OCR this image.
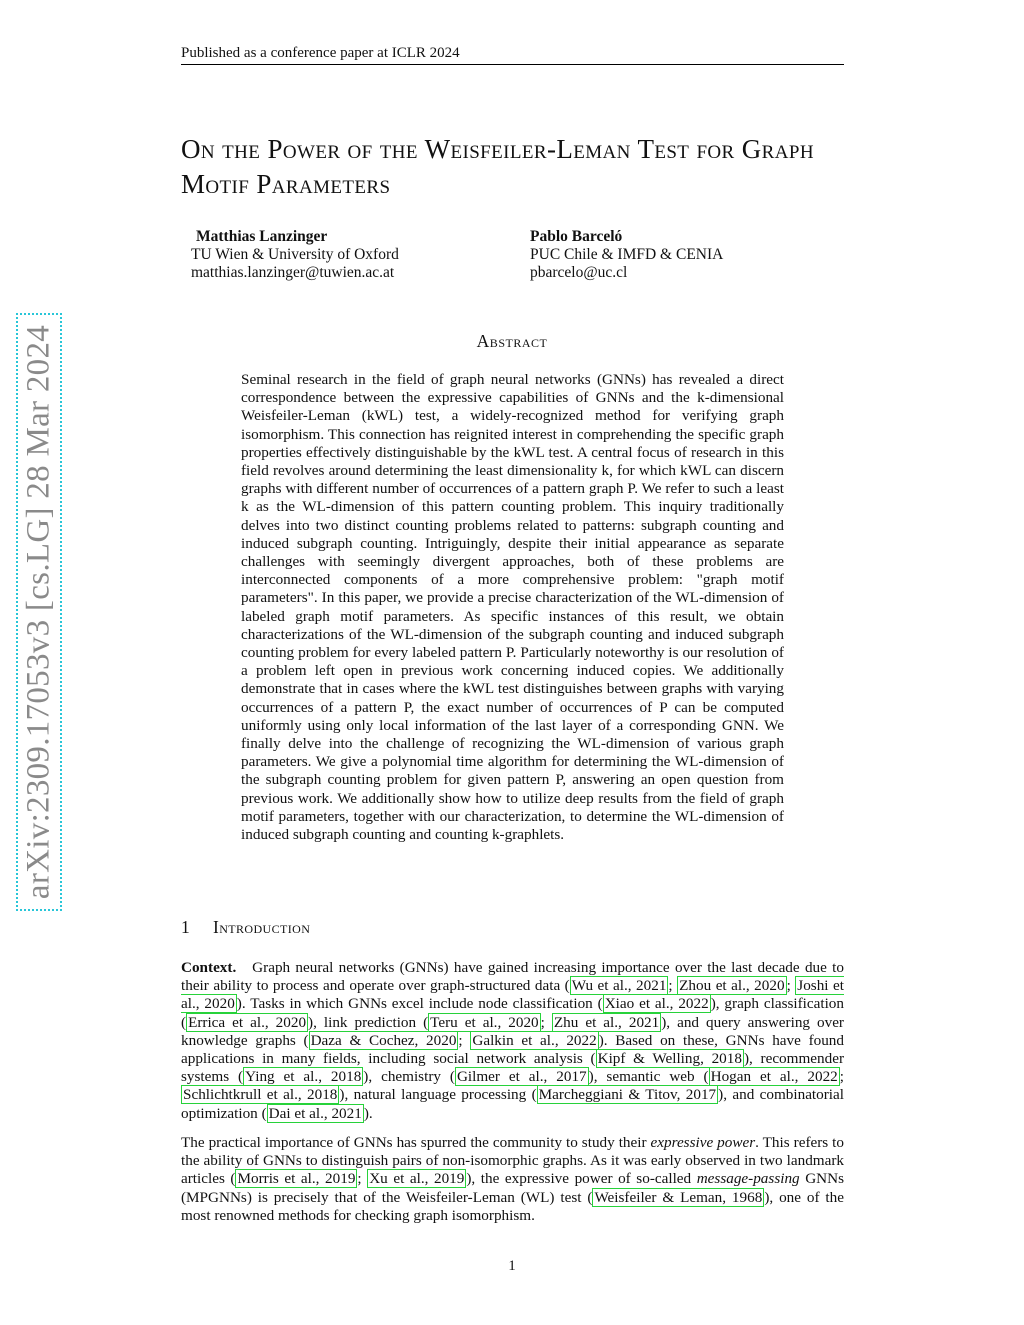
Published as a conference paper at ICLR 2024
On the Power of the Weisfeiler-Leman Test for Graph Motif Parameters
Matthias Lanzinger
TU Wien & University of Oxford
matthias.lanzinger@tuwien.ac.at
Pablo Barceló
PUC Chile & IMFD & CENIA
pbarcelo@uc.cl
arXiv:2309.17053v3 [cs.LG] 28 Mar 2024	Abstract
Seminal research in the field of graph neural networks (GNNs) has revealed a direct correspondence between the expressive capabilities of GNNs and the k-dimensional Weisfeiler-Leman (kWL) test, a widely-recognized method for verifying graph isomorphism. This connection has reignited interest in comprehending the specific graph properties effectively distinguishable by the kWL test. A central focus of research in this field revolves around determining the least dimensionality k, for which kWL can discern graphs with different number of occurrences of a pattern graph P. We refer to such a least k as the WL-dimension of this pattern counting problem. This inquiry traditionally delves into two distinct counting problems related to patterns: subgraph counting and induced subgraph counting. Intriguingly, despite their initial appearance as separate challenges with seemingly divergent approaches, both of these problems are interconnected components of a more comprehensive problem: "graph motif parameters". In this paper, we provide a precise characterization of the WL-dimension of labeled graph motif parameters. As specific instances of this result, we obtain characterizations of the WL-dimension of the subgraph counting and induced subgraph counting problem for every labeled pattern P. Particularly noteworthy is our resolution of a problem left open in previous work concerning induced copies. We additionally demonstrate that in cases where the kWL test distinguishes between graphs with varying occurrences of a pattern P, the exact number of occurrences of P can be computed uniformly using only local information of the last layer of a corresponding GNN. We finally delve into the challenge of recognizing the WL-dimension of various graph parameters. We give a polynomial time algorithm for determining the WL-dimension of the subgraph counting problem for given pattern P, answering an open question from previous work. We additionally show how to utilize deep results from the field of graph motif parameters, together with our characterization, to determine the WL-dimension of induced subgraph counting and counting k-graphlets.
1 Introduction
Context. Graph neural networks (GNNs) have gained increasing importance over the last decade due to their ability to process and operate over graph-structured data ( Wu et al., 2021 ; Zhou et al., 2020 ; Joshi et al., 2020 ). Tasks in which GNNs excel include node classification ( Xiao et al., 2022 ), graph classification ( Errica et al., 2020 ), link prediction ( Teru et al., 2020 ; Zhu et al., 2021 ), and query answering over knowledge graphs ( Daza & Cochez, 2020 ; Galkin et al., 2022 ). Based on these, GNNs have found applications in many fields, including social network analysis ( Kipf & Welling, 2018 ), recommender systems ( Ying et al., 2018 ), chemistry ( Gilmer et al., 2017 ), semantic web ( Hogan et al., 2022 ; Schlichtkrull et al., 2018 ), natural language processing ( Marcheggiani & Titov, 2017 ), and combinatorial optimization ( Dai et al., 2021 ).
The practical importance of GNNs has spurred the community to study their expressive power. This refers to the ability of GNNs to distinguish pairs of non-isomorphic graphs. As it was early observed in two landmark articles ( Morris et al., 2019 ; Xu et al., 2019 ), the expressive power of so-called message-passing GNNs (MPGNNs) is precisely that of the Weisfeiler-Leman (WL) test ( Weisfeiler & Leman, 1968 ), one of the most renowned methods for checking graph isomorphism.
1
